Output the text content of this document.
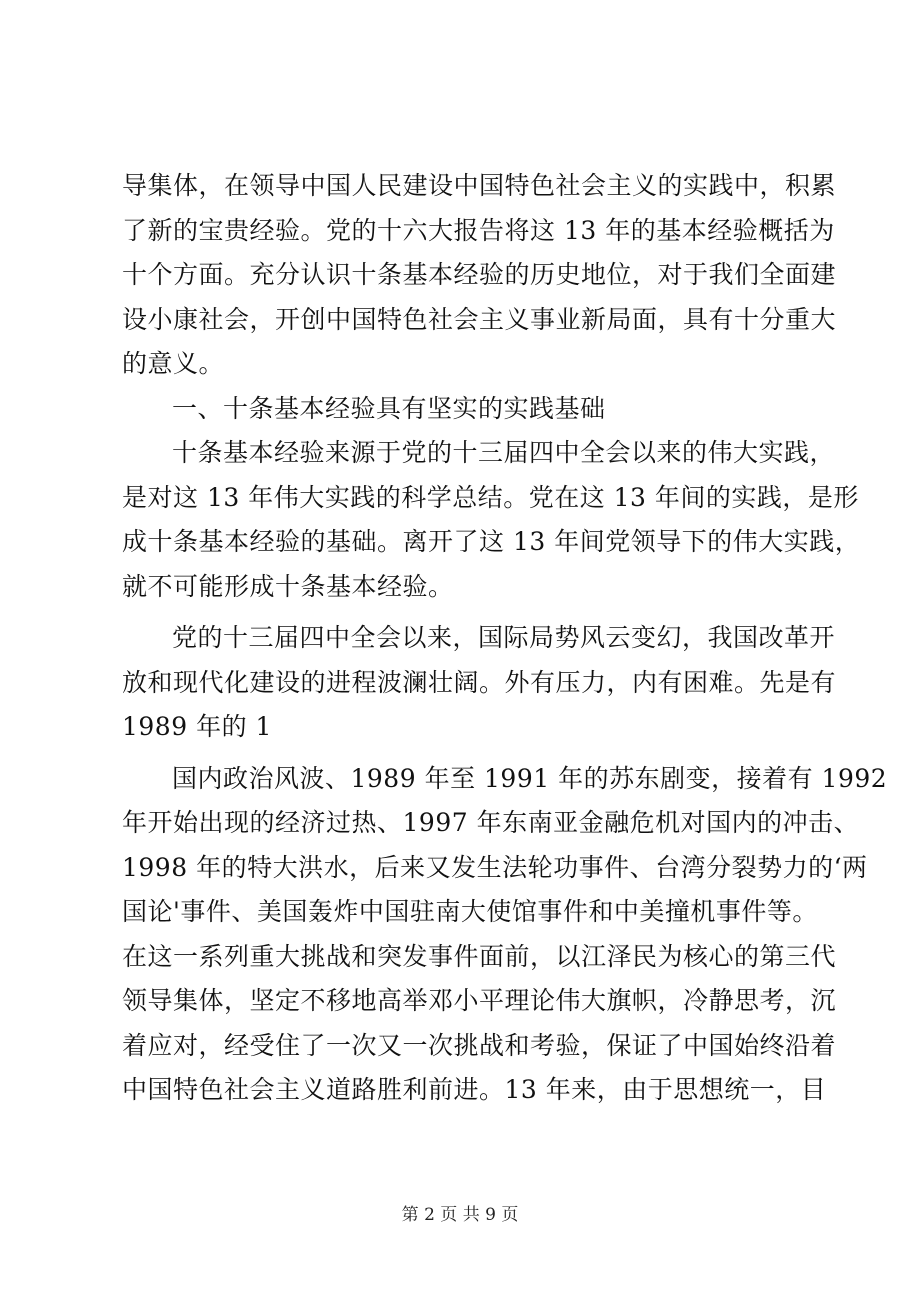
导集体，在领导中国人民建设中国特色社会主义的实践中，积累
了新的宝贵经验。党的十六大报告将这 13 年的基本经验概括为
十个方面。充分认识十条基本经验的历史地位，对于我们全面建
设小康社会，开创中国特色社会主义事业新局面，具有十分重大
的意义。
一、十条基本经验具有坚实的实践基础
十条基本经验来源于党的十三届四中全会以来的伟大实践，
是对这 13 年伟大实践的科学总结。党在这 13 年间的实践，是形
成十条基本经验的基础。离开了这 13 年间党领导下的伟大实践，
就不可能形成十条基本经验。
党的十三届四中全会以来，国际局势风云变幻，我国改革开
放和现代化建设的进程波澜壮阔。外有压力，内有困难。先是有
1989 年的 1
国内政治风波、1989 年至 1991 年的苏东剧变，接着有 1992
年开始出现的经济过热、1997 年东南亚金融危机对国内的冲击、
1998 年的特大洪水，后来又发生法轮功事件、台湾分裂势力的‘两
国论'事件、美国轰炸中国驻南大使馆事件和中美撞机事件等。
在这一系列重大挑战和突发事件面前，以江泽民为核心的第三代
领导集体，坚定不移地高举邓小平理论伟大旗帜，冷静思考，沉
着应对，经受住了一次又一次挑战和考验，保证了中国始终沿着
中国特色社会主义道路胜利前进。13 年来，由于思想统一，目
第 2 页 共 9 页
